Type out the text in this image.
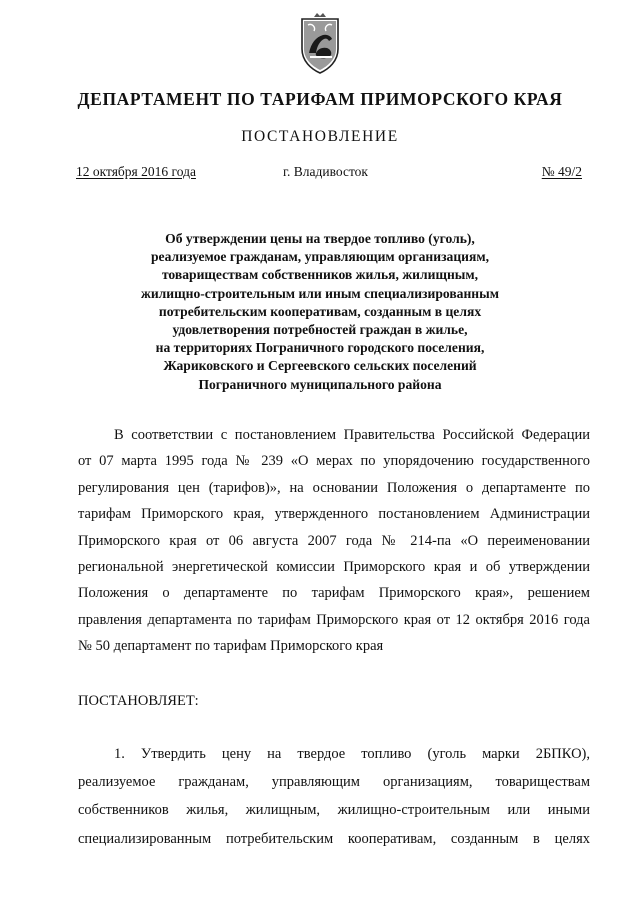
ДЕПАРТАМЕНТ ПО ТАРИФАМ ПРИМОРСКОГО КРАЯ
ПОСТАНОВЛЕНИЕ
12 октября 2016 года	г. Владивосток	№ 49/2
Об утверждении цены на твердое топливо (уголь),
реализуемое гражданам, управляющим организациям,
товариществам собственников жилья, жилищным,
жилищно-строительным или иным специализированным
потребительским кооперативам, созданным в целях
удовлетворения потребностей граждан в жилье,
на территориях Пограничного городского поселения,
Жариковского и Сергеевского сельских поселений
Пограничного муниципального района
В соответствии с постановлением Правительства Российской Федерации
от 07 марта 1995 года № 239 «О мерах по упорядочению государственного
регулирования цен (тарифов)», на основании Положения о департаменте по
тарифам Приморского края, утвержденного постановлением Администрации
Приморского края от 06 августа 2007 года № 214-па «О переименовании
региональной энергетической комиссии Приморского края и об утверждении
Положения о департаменте по тарифам Приморского края», решением
правления департамента по тарифам Приморского края от 12 октября 2016 года
№ 50 департамент по тарифам Приморского края
ПОСТАНОВЛЯЕТ:
1. Утвердить цену на твердое топливо (уголь марки 2БПКО),
реализуемое гражданам, управляющим организациям, товариществам
собственников жилья, жилищным, жилищно-строительным или иными
специализированным потребительским кооперативам, созданным в целях
